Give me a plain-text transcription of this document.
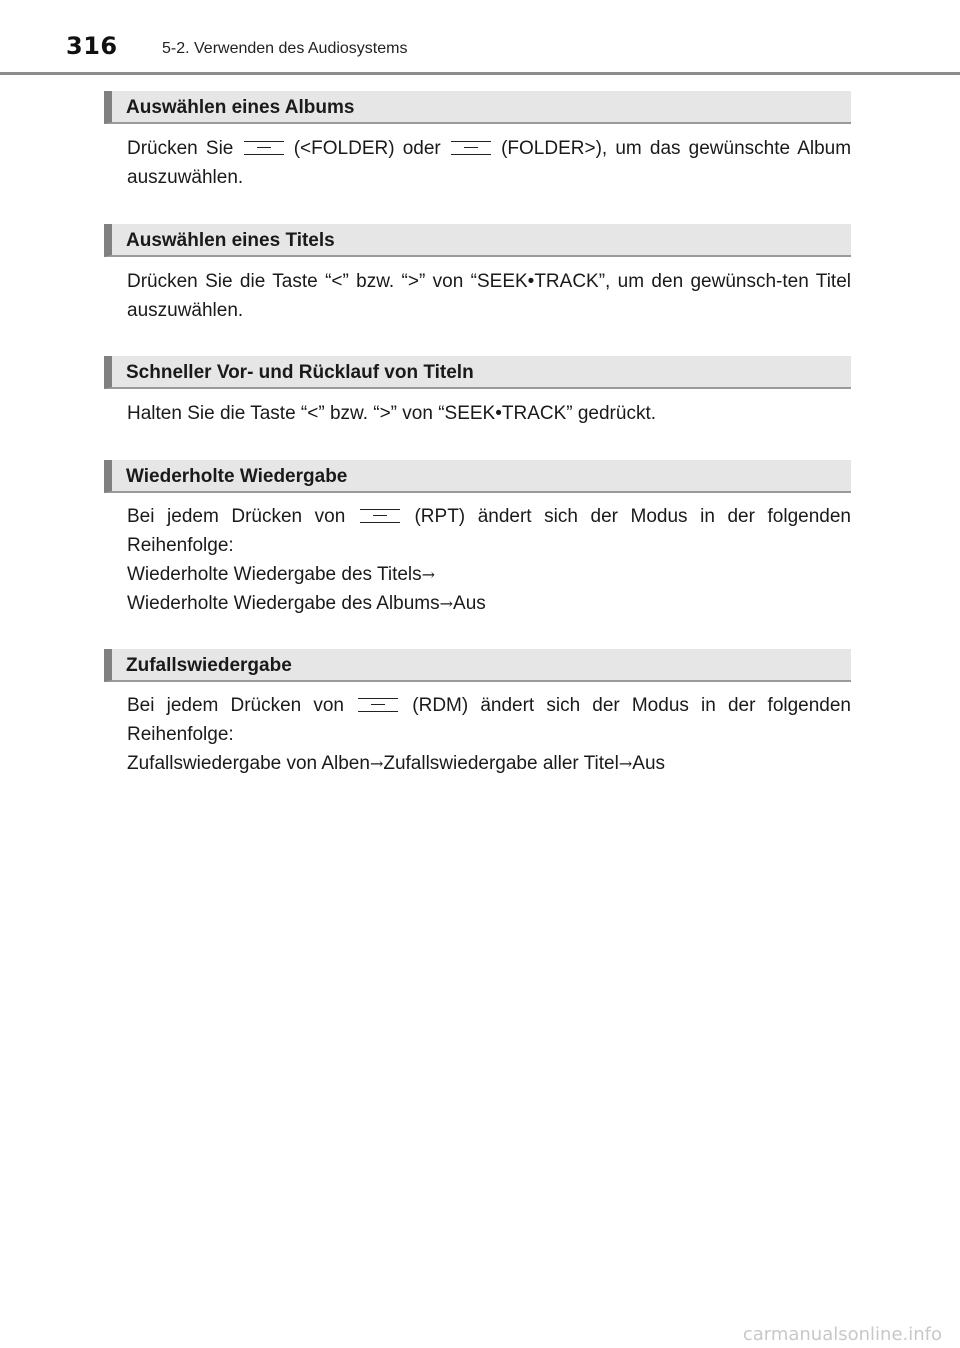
316	5-2. Verwenden des Audiosystems
Auswählen eines Albums

Drücken Sie	(<FOLDER) oder	(FOLDER>), um das gewünschte Album auszuwählen.

Auswählen eines Titels

Drücken Sie die Taste “<” bzw. “>” von “SEEK•TRACK”, um den gewünsch-ten Titel auszuwählen.

Schneller Vor- und Rücklauf von Titeln

Halten Sie die Taste “<” bzw. “>” von “SEEK•TRACK” gedrückt.

Wiederholte Wiedergabe

Bei jedem Drücken von	(RPT) ändert sich der Modus in der folgenden Reihenfolge:

Wiederholte Wiedergabe des Titels→

Wiederholte Wiedergabe des Albums→Aus

Zufallswiedergabe

Bei jedem Drücken von	(RDM) ändert sich der Modus in der folgenden Reihenfolge:

Zufallswiedergabe von Alben→Zufallswiedergabe aller Titel→Aus

carmanualsonline.info
